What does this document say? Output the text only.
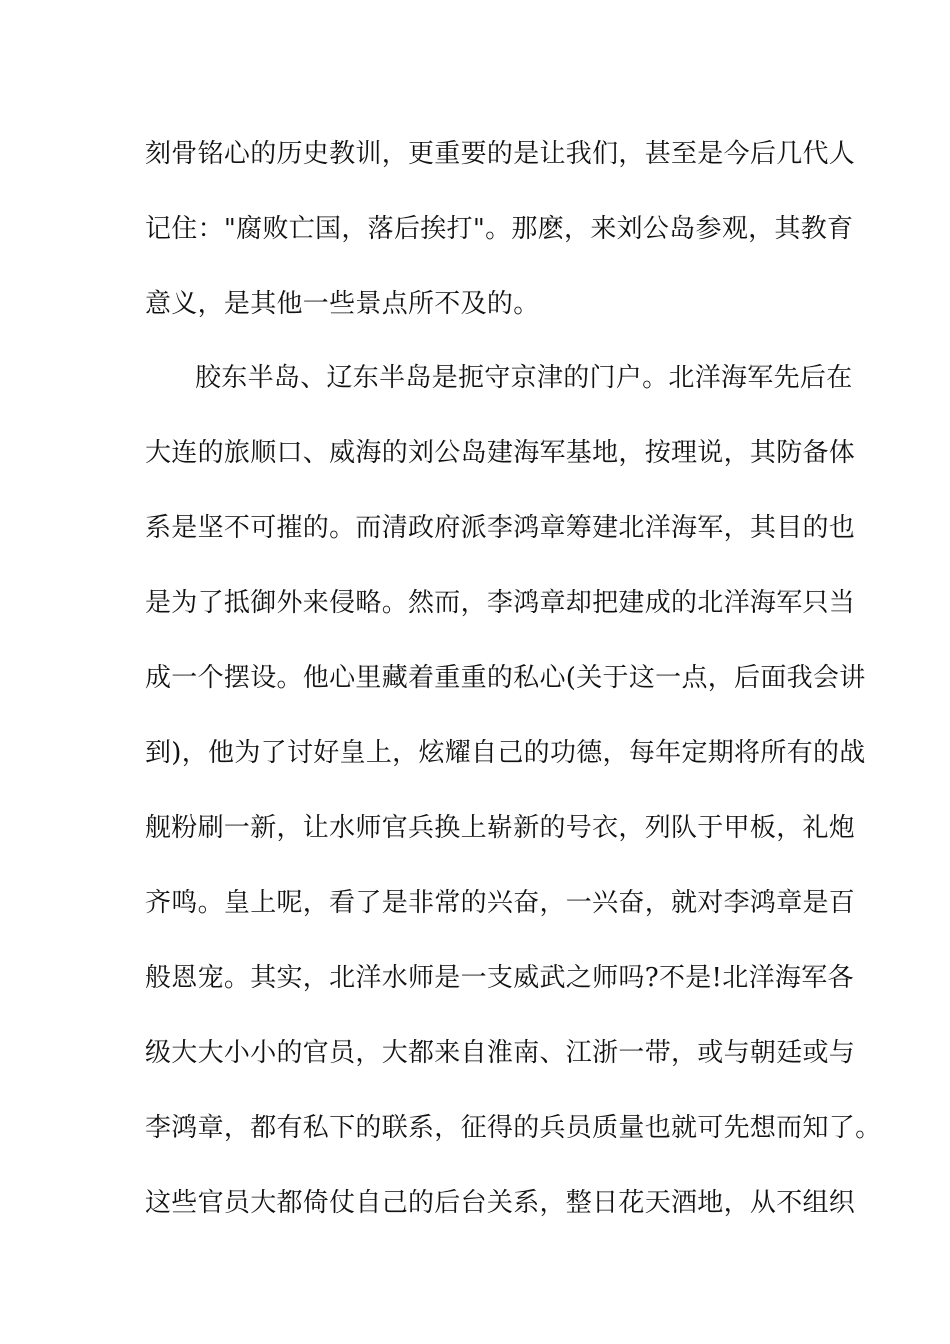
刻骨铭心的历史教训，更重要的是让我们，甚至是今后几代人
记住："腐败亡国，落后挨打"。那麽，来刘公岛参观，其教育
意义，是其他一些景点所不及的。
胶东半岛、辽东半岛是扼守京津的门户。北洋海军先后在
大连的旅顺口、威海的刘公岛建海军基地，按理说，其防备体
系是坚不可摧的。而清政府派李鸿章筹建北洋海军，其目的也
是为了抵御外来侵略。然而，李鸿章却把建成的北洋海军只当
成一个摆设。他心里藏着重重的私心(关于这一点，后面我会讲
到)，他为了讨好皇上，炫耀自己的功德，每年定期将所有的战
舰粉刷一新，让水师官兵换上崭新的号衣，列队于甲板，礼炮
齐鸣。皇上呢，看了是非常的兴奋，一兴奋，就对李鸿章是百
般恩宠。其实，北洋水师是一支威武之师吗?不是!北洋海军各
级大大小小的官员，大都来自淮南、江浙一带，或与朝廷或与
李鸿章，都有私下的联系，征得的兵员质量也就可先想而知了。
这些官员大都倚仗自己的后台关系，整日花天酒地，从不组织
